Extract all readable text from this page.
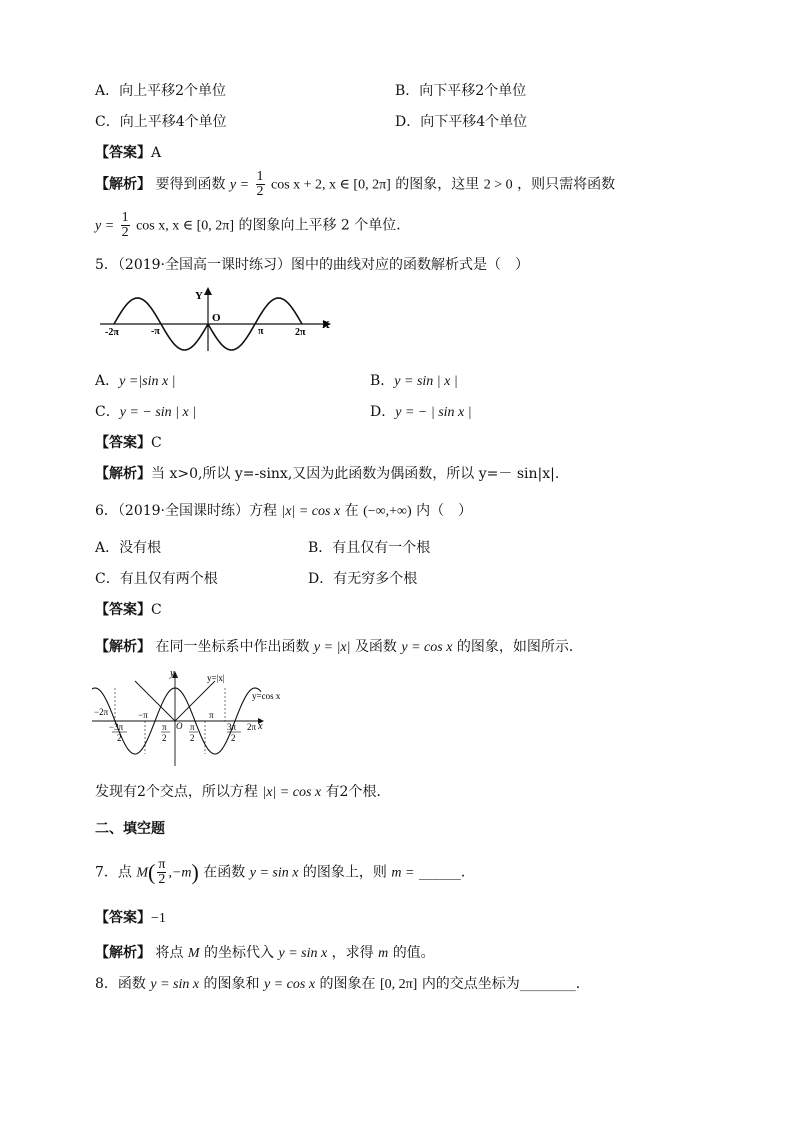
A．向上平移2个单位	B．向下平移2个单位
C．向上平移4个单位	D．向下平移4个单位
【答案】A
【解析】 要得到函数 $y = \frac{1}{2}$ cos x + 2, x ∈ [0, 2π] 的图象，这里 2 > 0 ，则只需将函数
$y = \frac{1}{2}$ cos x, x ∈ [0, 2π] 的图象向上平移 2 个单位．
5．（2019·全国高一课时练习）图中的曲线对应的函数解析式是（　）
Y
X
O
-2π	-π	π	2π
A．y =|sin x |	B．y = sin | x |
C．y = − sin | x |	D．y = − | sin x |
【答案】C
【解析】当 x>0,所以 y=-sinx,又因为此函数为偶函数，所以 y=－ sin|x|.
6．（2019·全国课时练）方程 |x| = cos x 在 (−∞,+∞) 内（　）
A．没有根	B．有且仅有一个根
C．有且仅有两个根	D．有无穷多个根
【答案】C
【解析】 在同一坐标系中作出函数 y = |x| 及函数 y = cos x 的图象，如图所示．
y
x
y=|x|
y=cos x
−2π	−π	π
2π
O
−3π
2
π
2
π
2
3π
2
发现有2个交点，所以方程 |x| = cos x 有2个根．
二、填空题
7．点 $M( \frac{\pi}{2} ,-m)$ 在函数 y = sin x 的图象上，则 m = ______．
【答案】−1
【解析】 将点 M 的坐标代入 y = sin x ，求得 m 的值。
8．函数 y = sin x 的图象和 y = cos x 的图象在 [0, 2π] 内的交点坐标为________．
